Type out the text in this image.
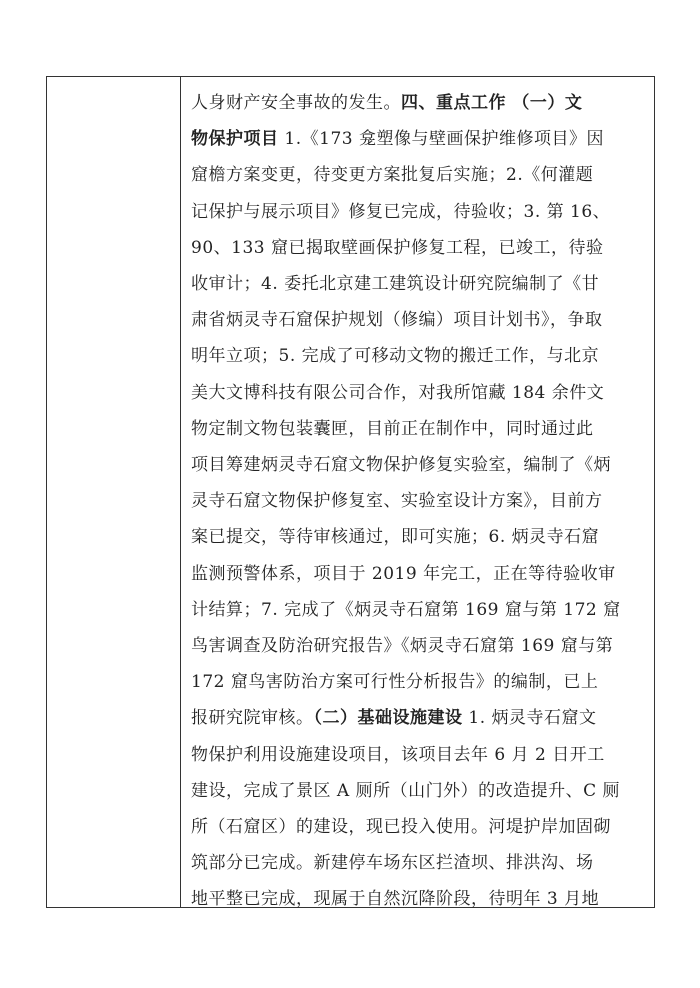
人身财产安全事故的发生。四、重点工作 （一）文
物保护项目 1.《173 龛塑像与壁画保护维修项目》因
窟檐方案变更，待变更方案批复后实施；2.《何灌题
记保护与展示项目》修复已完成，待验收；3. 第 16、
90、133 窟已揭取壁画保护修复工程，已竣工，待验
收审计；4. 委托北京建工建筑设计研究院编制了《甘
肃省炳灵寺石窟保护规划（修编）项目计划书》，争取
明年立项；5. 完成了可移动文物的搬迁工作，与北京
美大文博科技有限公司合作，对我所馆藏 184 余件文
物定制文物包装囊匣，目前正在制作中，同时通过此
项目筹建炳灵寺石窟文物保护修复实验室，编制了《炳
灵寺石窟文物保护修复室、实验室设计方案》，目前方
案已提交，等待审核通过，即可实施；6. 炳灵寺石窟
监测预警体系，项目于 2019 年完工，正在等待验收审
计结算；7. 完成了《炳灵寺石窟第 169 窟与第 172 窟
鸟害调查及防治研究报告》《炳灵寺石窟第 169 窟与第
172 窟鸟害防治方案可行性分析报告》的编制，已上
报研究院审核。（二）基础设施建设 1. 炳灵寺石窟文
物保护利用设施建设项目，该项目去年 6 月 2 日开工
建设，完成了景区 A 厕所（山门外）的改造提升、C 厕
所（石窟区）的建设，现已投入使用。河堤护岸加固砌
筑部分已完成。新建停车场东区拦渣坝、排洪沟、场
地平整已完成，现属于自然沉降阶段，待明年 3 月地
